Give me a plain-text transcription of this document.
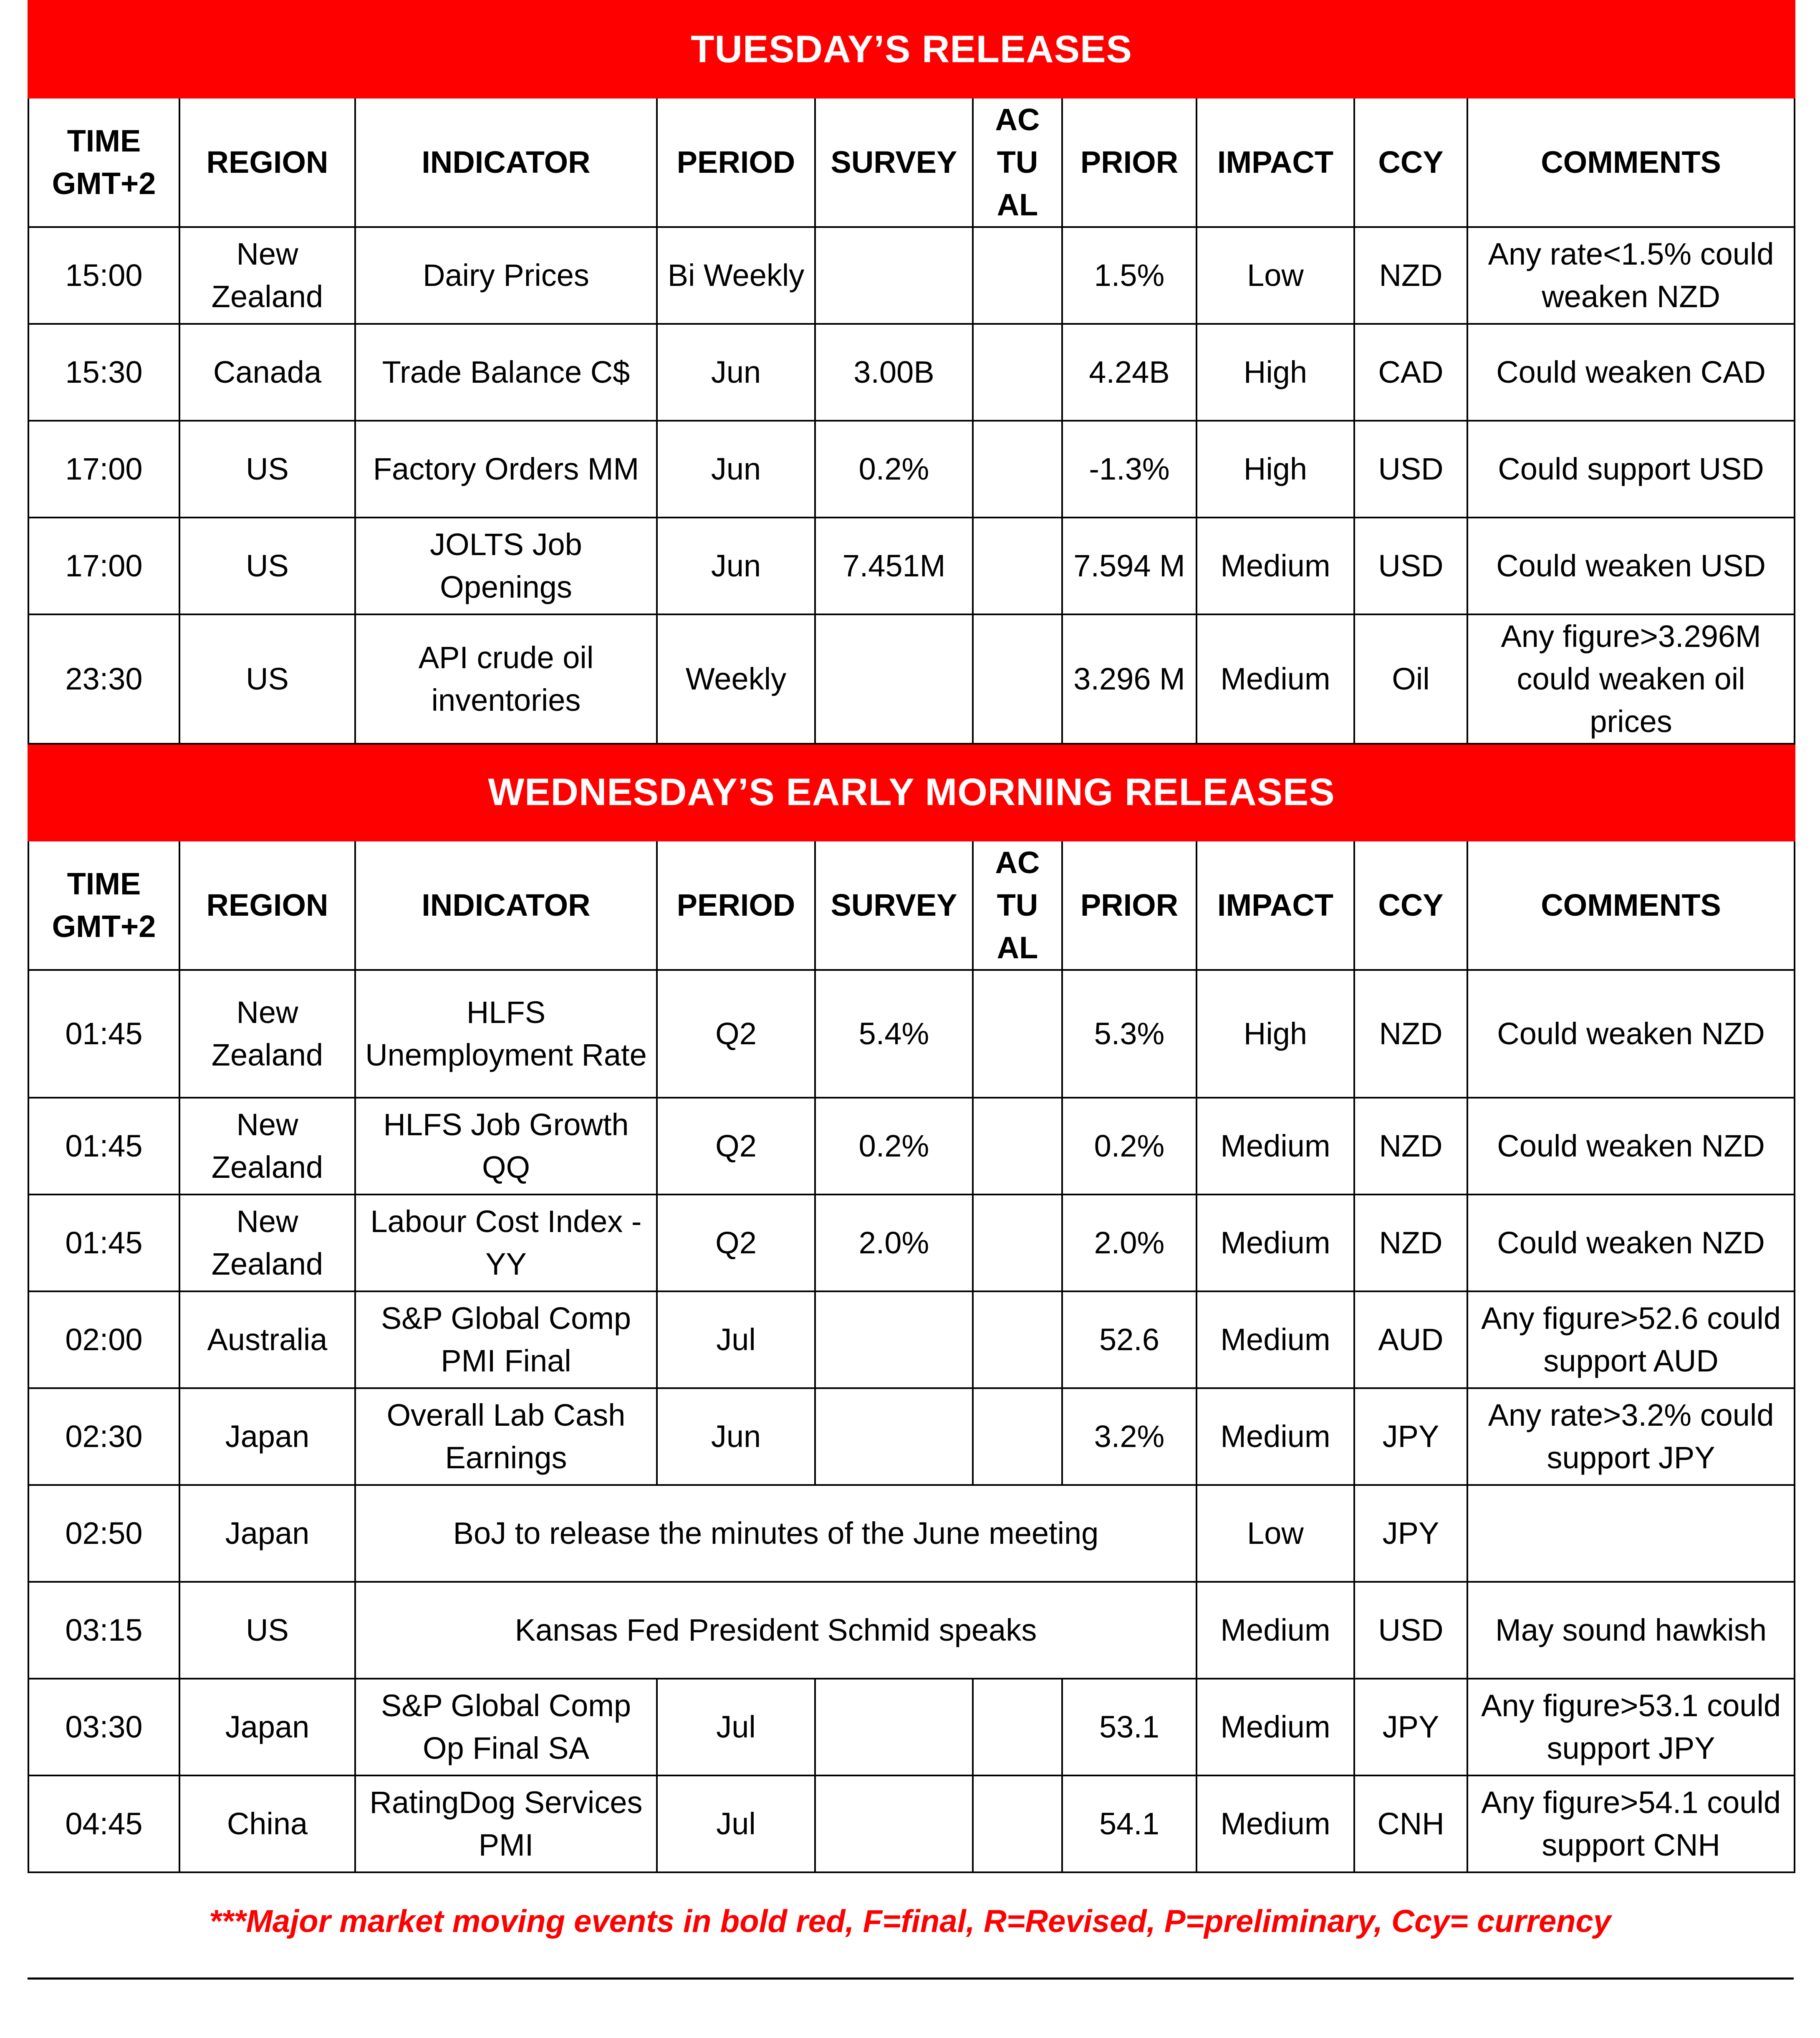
TUESDAY’S RELEASES									
TIME GMT+2	REGION	INDICATOR	PERIOD	SURVEY	AC TU AL	PRIOR	IMPACT	CCY	COMMENTS
15:00	New Zealand	Dairy Prices	Bi Weekly			1.5%	Low	NZD	Any rate<1.5% could weaken NZD
15:30	Canada	Trade Balance C$	Jun	3.00B		4.24B	High	CAD	Could weaken CAD
17:00	US	Factory Orders MM	Jun	0.2%		-1.3%	High	USD	Could support USD
17:00	US	JOLTS Job Openings	Jun	7.451M		7.594 M	Medium	USD	Could weaken USD
23:30	US	API crude oil inventories	Weekly			3.296 M	Medium	Oil	Any figure>3.296M could weaken oil prices
WEDNESDAY’S EARLY MORNING RELEASES									
TIME GMT+2	REGION	INDICATOR	PERIOD	SURVEY	AC TU AL	PRIOR	IMPACT	CCY	COMMENTS
01:45	New Zealand	HLFS Unemployment Rate	Q2	5.4%		5.3%	High	NZD	Could weaken NZD
01:45	New Zealand	HLFS Job Growth QQ	Q2	0.2%		0.2%	Medium	NZD	Could weaken NZD
01:45	New Zealand	Labour Cost Index - YY	Q2	2.0%		2.0%	Medium	NZD	Could weaken NZD
02:00	Australia	S&P Global Comp PMI Final	Jul			52.6	Medium	AUD	Any figure>52.6 could support AUD
02:30	Japan	Overall Lab Cash Earnings	Jun			3.2%	Medium	JPY	Any rate>3.2% could support JPY
02:50	Japan	BoJ to release the minutes of the June meeting					Low	JPY	
03:15	US	Kansas Fed President Schmid speaks					Medium	USD	May sound hawkish
03:30	Japan	S&P Global Comp Op Final SA	Jul			53.1	Medium	JPY	Any figure>53.1 could support JPY
04:45	China	RatingDog Services PMI	Jul			54.1	Medium	CNH	Any figure>54.1 could support CNH
***Major market moving events in bold red, F=final, R=Revised, P=preliminary, Ccy= currency
